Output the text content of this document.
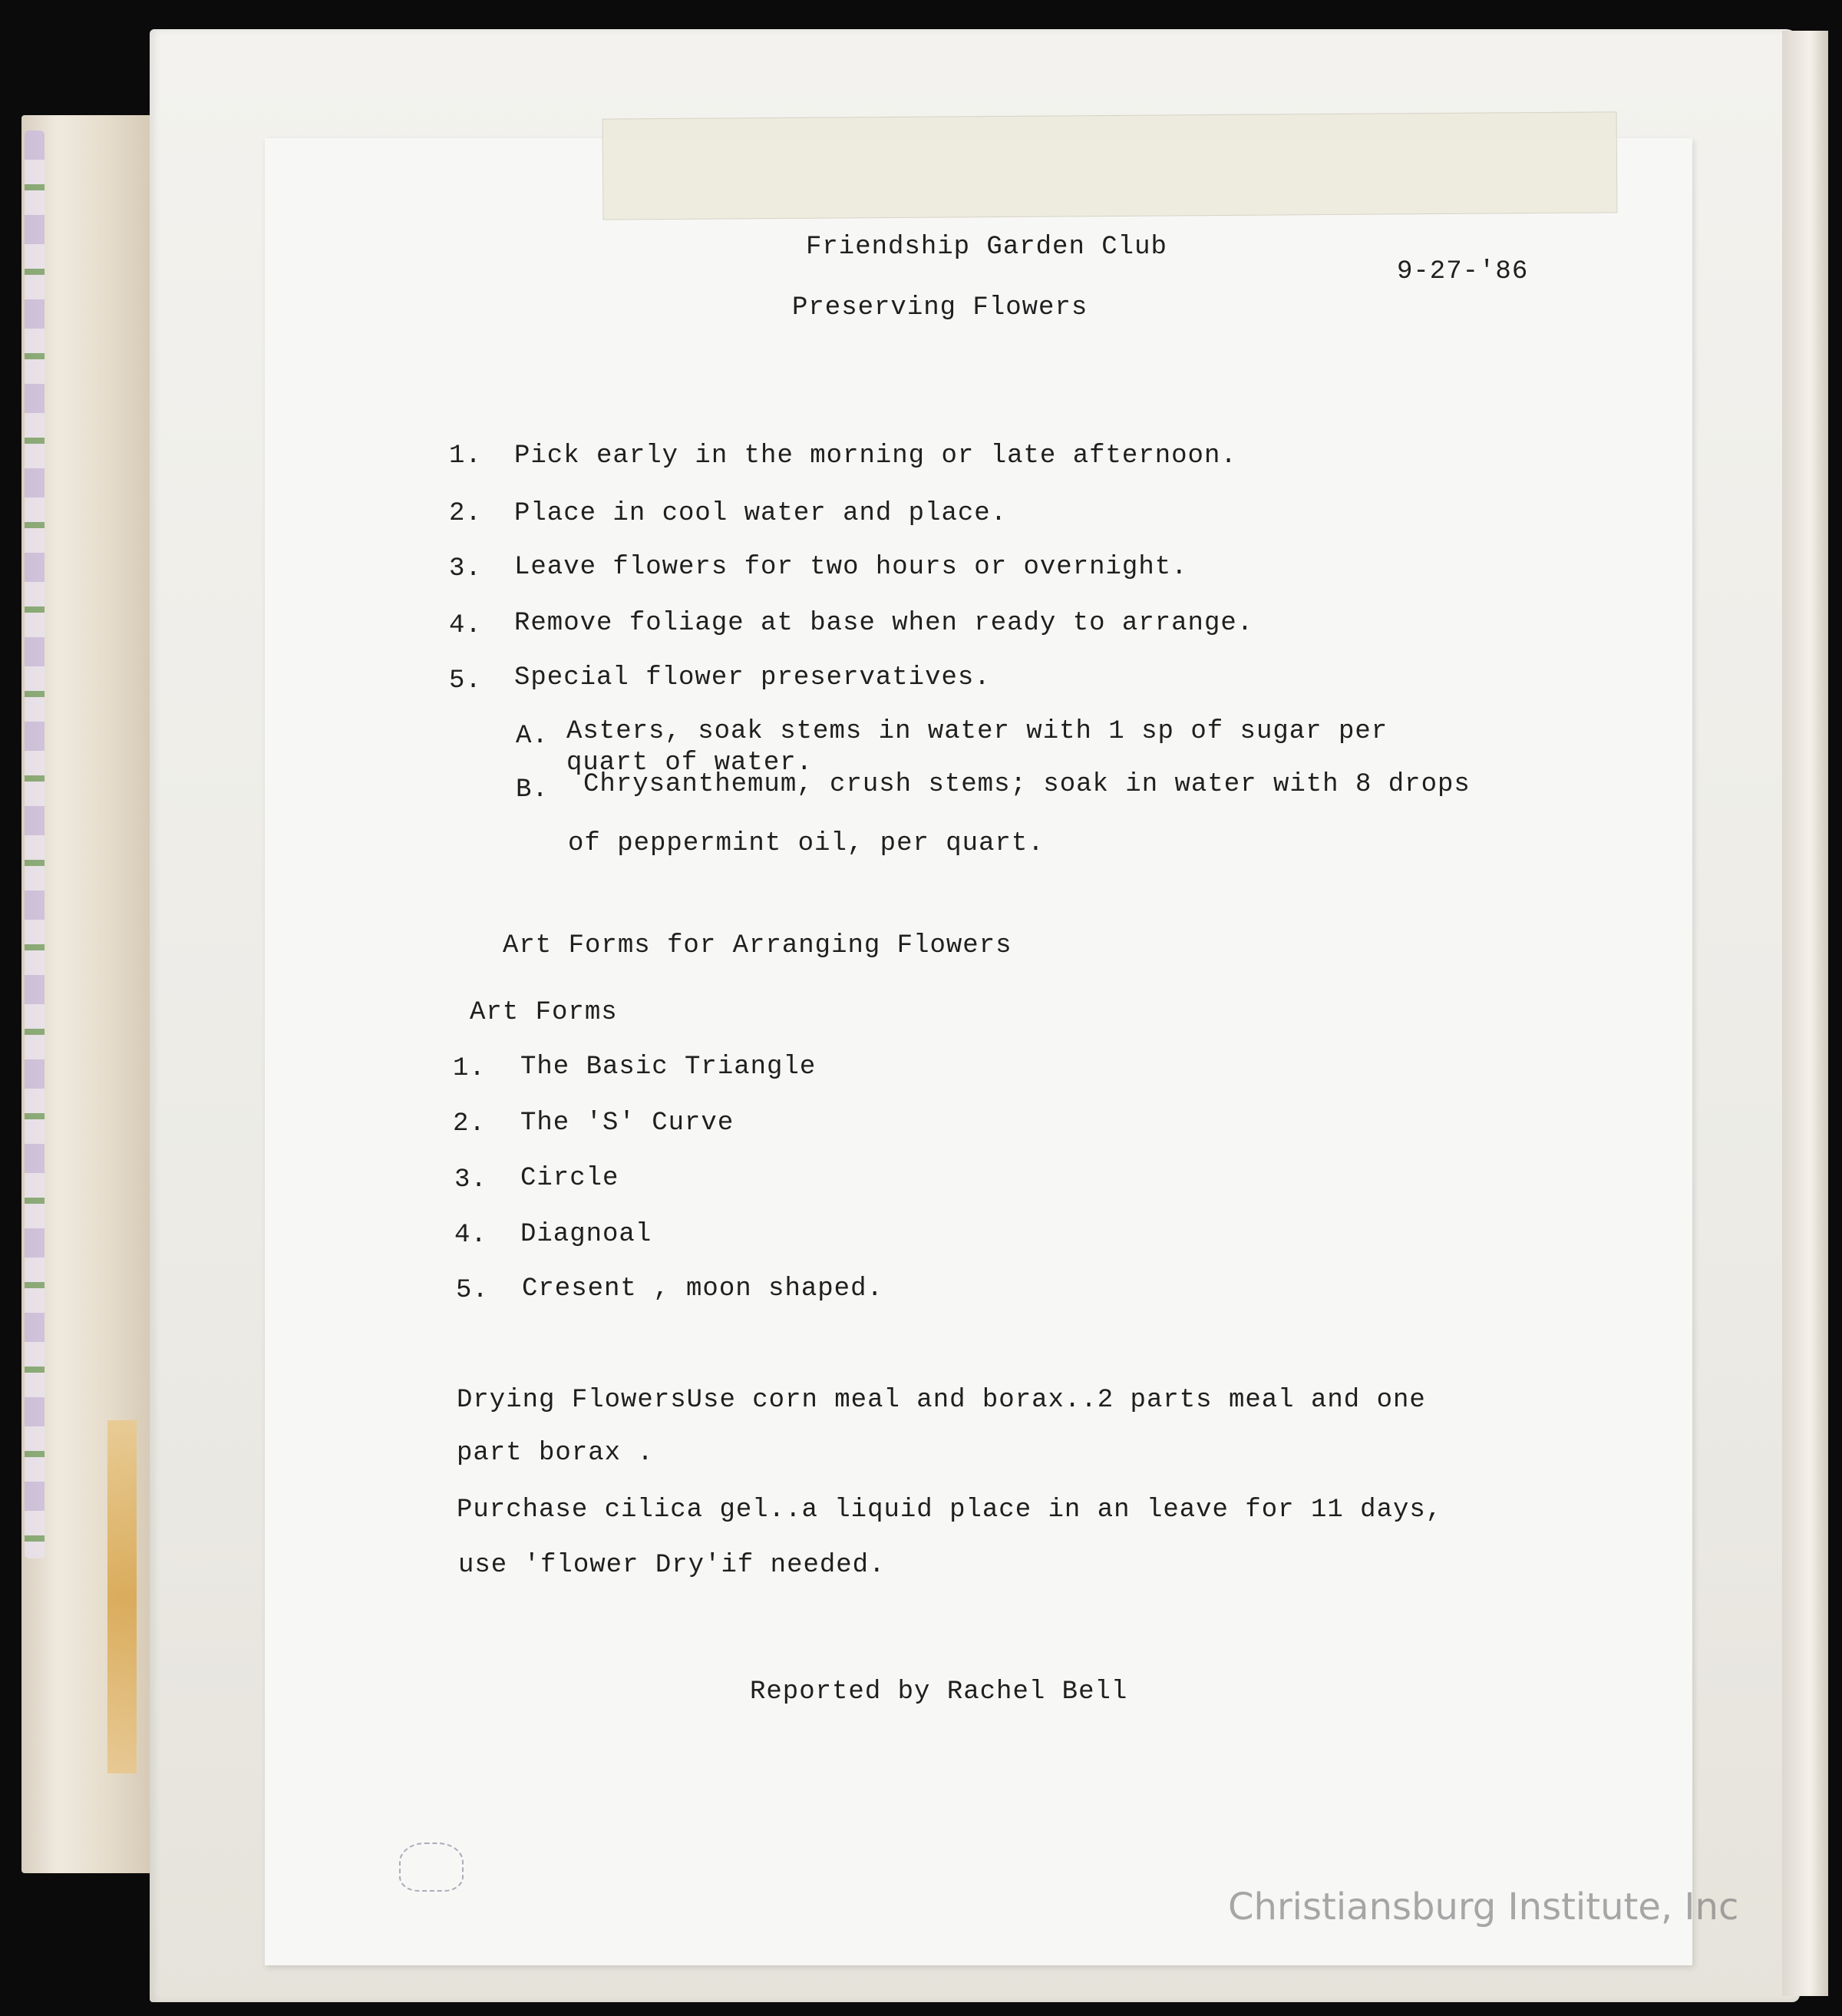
Friendship Garden Club

9-27-'86

Preserving Flowers

1. Pick early in the morning or late afternoon.

2. Place in cool water and place.

3. Leave flowers for two hours or overnight.

4. Remove foliage at base when ready to arrange.

5. Special flower preservatives.

A. Asters, soak stems in water with 1 sp of sugar per

quart of water.

B. Chrysanthemum, crush stems; soak in water with 8 drops

of peppermint oil, per quart.

Art Forms for Arranging Flowers

Art Forms

1. The Basic Triangle

2. The 'S' Curve

3. Circle

4. Diagnoal

5. Cresent , moon shaped.

Drying FlowersUse corn meal and borax..2 parts meal and one

part borax .

Purchase cilica gel..a liquid place in an leave for 11 days,

use 'flower Dry'if needed.

Reported by Rachel Bell

Christiansburg Institute, Inc
